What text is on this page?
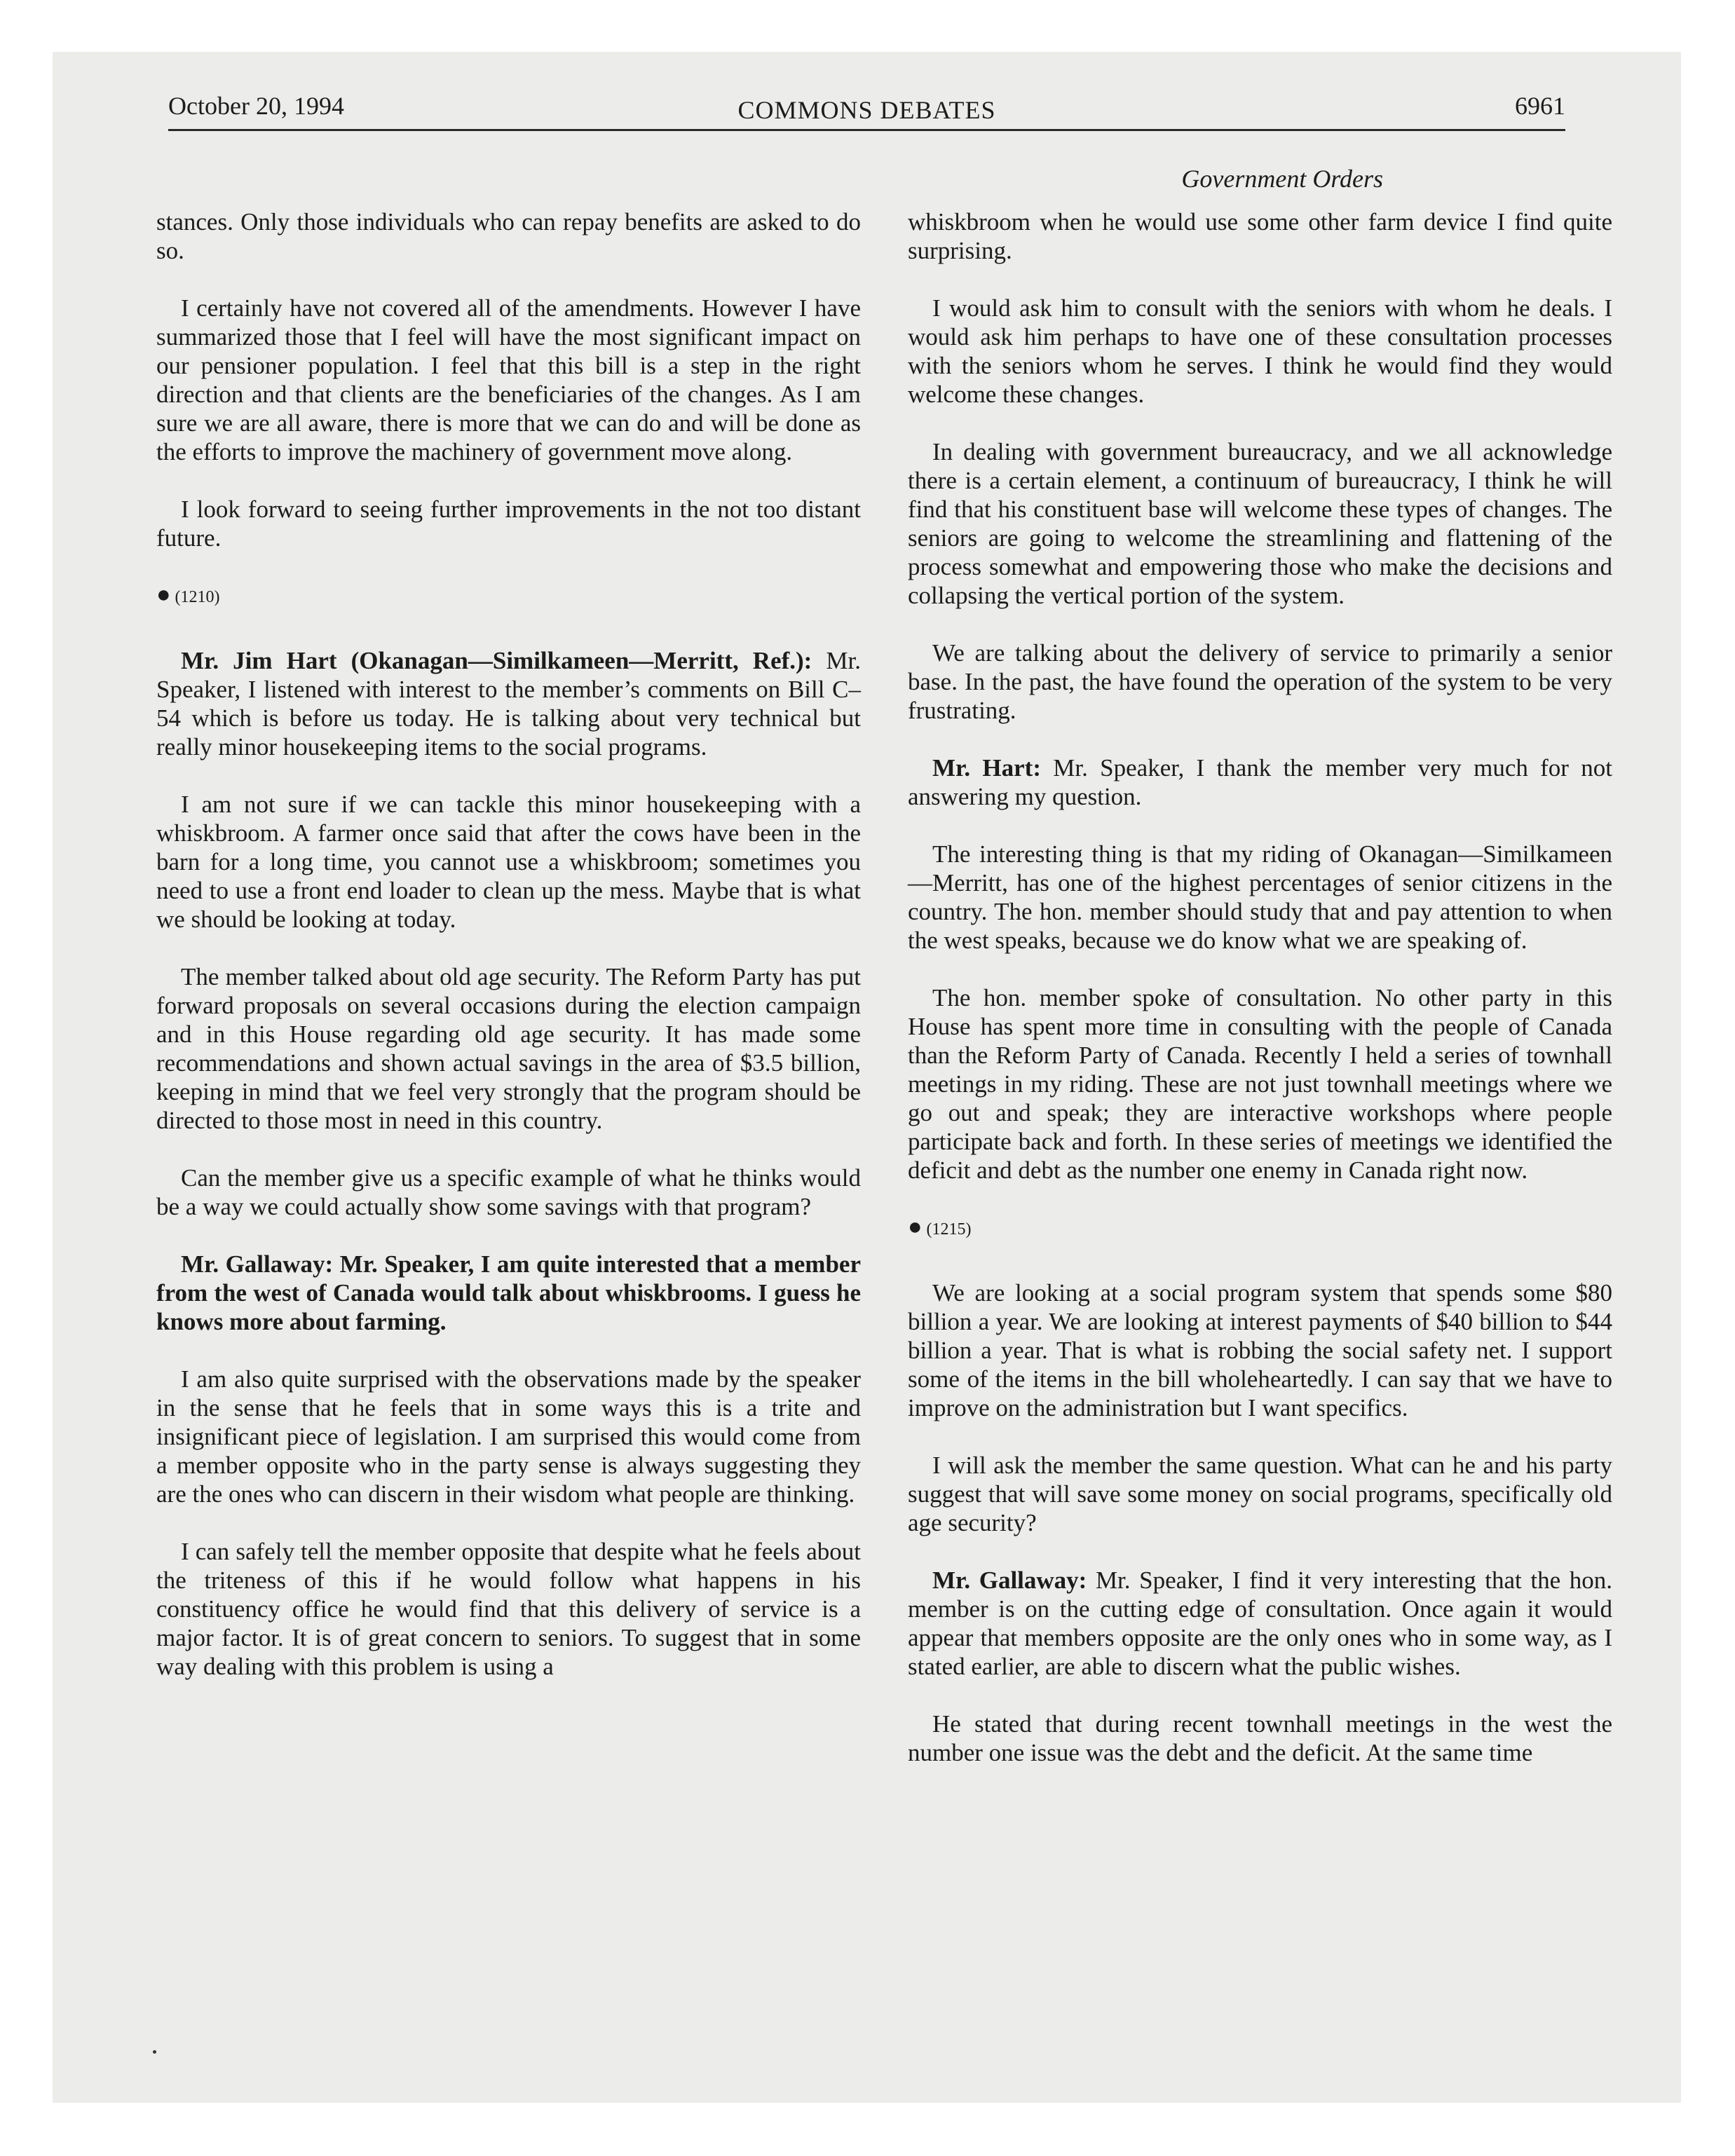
October 20, 1994	COMMONS DEBATES	6961
Government Orders

stances. Only those individuals who can repay benefits are asked to do so.

I certainly have not covered all of the amendments. However I have summarized those that I feel will have the most significant impact on our pensioner population. I feel that this bill is a step in the right direction and that clients are the beneficiaries of the changes. As I am sure we are all aware, there is more that we can do and will be done as the efforts to improve the machinery of government move along.

I look forward to seeing further improvements in the not too distant future.

● (1210)

Mr. Jim Hart (Okanagan—Similkameen—Merritt, Ref.): Mr. Speaker, I listened with interest to the member’s comments on Bill C–54 which is before us today. He is talking about very technical but really minor housekeeping items to the social programs.

I am not sure if we can tackle this minor housekeeping with a whiskbroom. A farmer once said that after the cows have been in the barn for a long time, you cannot use a whiskbroom; sometimes you need to use a front end loader to clean up the mess. Maybe that is what we should be looking at today.

The member talked about old age security. The Reform Party has put forward proposals on several occasions during the election campaign and in this House regarding old age security. It has made some recommendations and shown actual savings in the area of $3.5 billion, keeping in mind that we feel very strongly that the program should be directed to those most in need in this country.

Can the member give us a specific example of what he thinks would be a way we could actually show some savings with that program?

Mr. Gallaway: Mr. Speaker, I am quite interested that a member from the west of Canada would talk about whiskbrooms. I guess he knows more about farming.

I am also quite surprised with the observations made by the speaker in the sense that he feels that in some ways this is a trite and insignificant piece of legislation. I am surprised this would come from a member opposite who in the party sense is always suggesting they are the ones who can discern in their wisdom what people are thinking.

I can safely tell the member opposite that despite what he feels about the triteness of this if he would follow what happens in his constituency office he would find that this delivery of service is a major factor. It is of great concern to seniors. To suggest that in some way dealing with this problem is using a

whiskbroom when he would use some other farm device I find quite surprising.

I would ask him to consult with the seniors with whom he deals. I would ask him perhaps to have one of these consultation processes with the seniors whom he serves. I think he would find they would welcome these changes.

In dealing with government bureaucracy, and we all acknowledge there is a certain element, a continuum of bureaucracy, I think he will find that his constituent base will welcome these types of changes. The seniors are going to welcome the streamlining and flattening of the process somewhat and empowering those who make the decisions and collapsing the vertical portion of the system.

We are talking about the delivery of service to primarily a senior base. In the past, the have found the operation of the system to be very frustrating.

Mr. Hart: Mr. Speaker, I thank the member very much for not answering my question.

The interesting thing is that my riding of Okanagan—Similkameen—Merritt, has one of the highest percentages of senior citizens in the country. The hon. member should study that and pay attention to when the west speaks, because we do know what we are speaking of.

The hon. member spoke of consultation. No other party in this House has spent more time in consulting with the people of Canada than the Reform Party of Canada. Recently I held a series of townhall meetings in my riding. These are not just townhall meetings where we go out and speak; they are interactive workshops where people participate back and forth. In these series of meetings we identified the deficit and debt as the number one enemy in Canada right now.

● (1215)

We are looking at a social program system that spends some $80 billion a year. We are looking at interest payments of $40 billion to $44 billion a year. That is what is robbing the social safety net. I support some of the items in the bill wholeheartedly. I can say that we have to improve on the administration but I want specifics.

I will ask the member the same question. What can he and his party suggest that will save some money on social programs, specifically old age security?

Mr. Gallaway: Mr. Speaker, I find it very interesting that the hon. member is on the cutting edge of consultation. Once again it would appear that members opposite are the only ones who in some way, as I stated earlier, are able to discern what the public wishes.

He stated that during recent townhall meetings in the west the number one issue was the debt and the deficit. At the same time
